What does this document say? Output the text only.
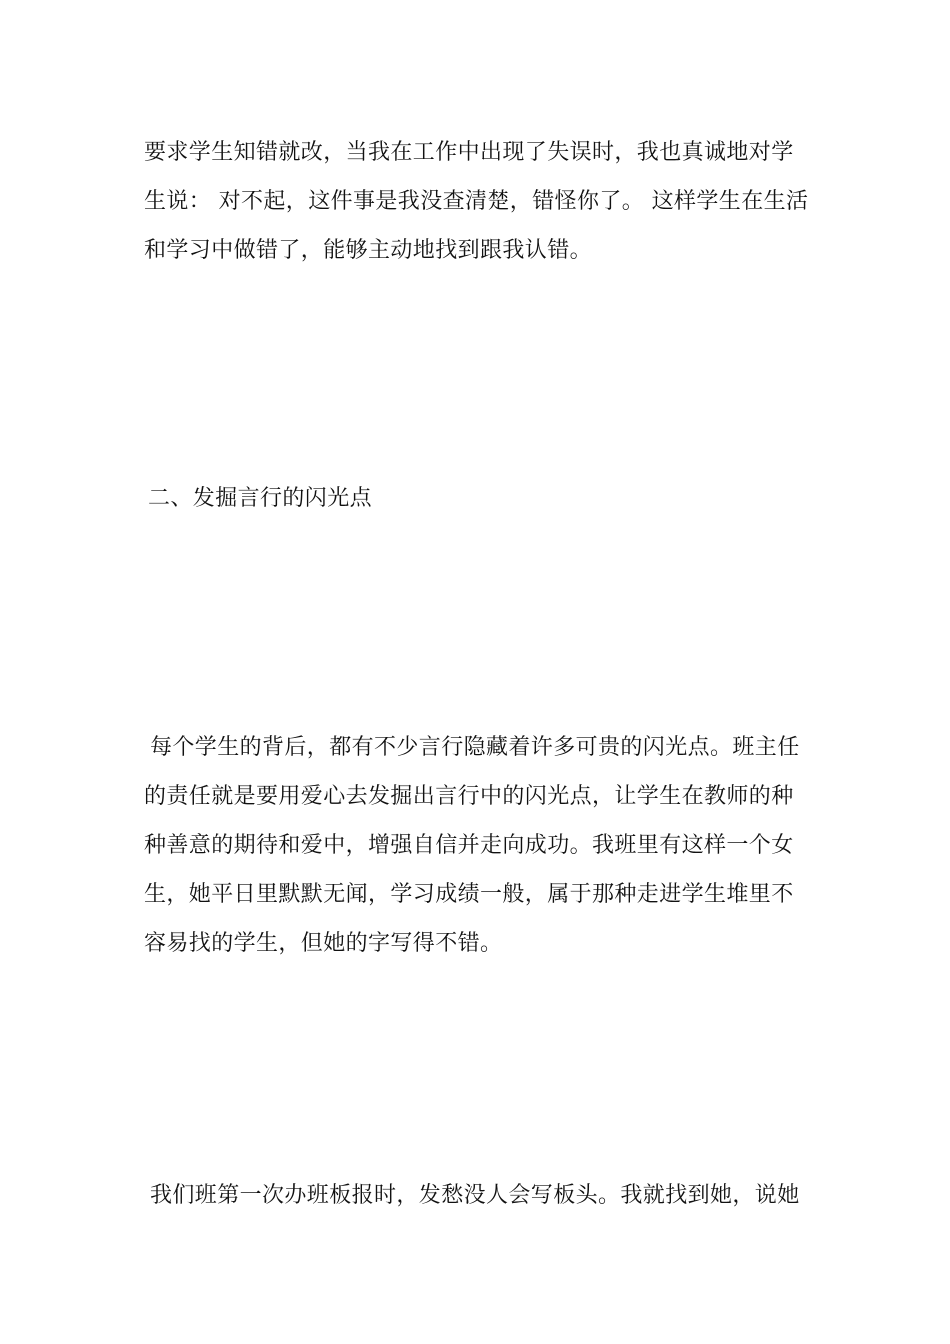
要求学生知错就改，当我在工作中出现了失误时，我也真诚地对学
生说： 对不起，这件事是我没查清楚，错怪你了。 这样学生在生活
和学习中做错了，能够主动地找到跟我认错。
二、发掘言行的闪光点
每个学生的背后，都有不少言行隐藏着许多可贵的闪光点。班主任
的责任就是要用爱心去发掘出言行中的闪光点，让学生在教师的种
种善意的期待和爱中，增强自信并走向成功。我班里有这样一个女
生，她平日里默默无闻，学习成绩一般，属于那种走进学生堆里不
容易找的学生，但她的字写得不错。
我们班第一次办班板报时，发愁没人会写板头。我就找到她，说她
